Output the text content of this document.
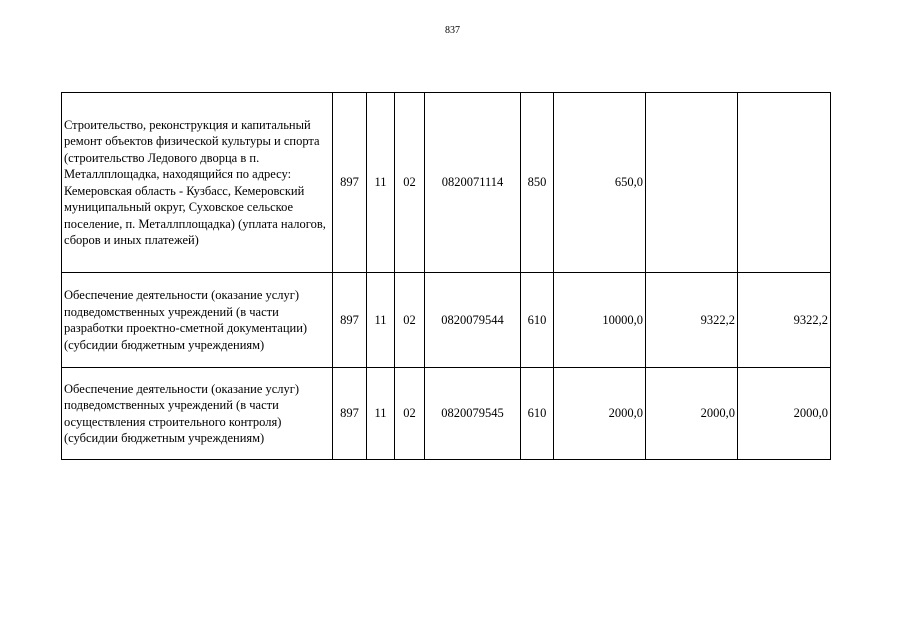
837
Строительство, реконструкция и капитальный ремонт объектов физической культуры и спорта (строительство Ледового дворца в п. Металлплощадка, находящийся по адресу: Кемеровская область - Кузбасс, Кемеровский муниципальный округ, Суховское сельское поселение, п. Металлплощадка) (уплата налогов, сборов и иных платежей)	897	11	02	0820071114	850	650,0		
Обеспечение деятельности (оказание услуг) подведомственных учреждений (в части разработки проектно-сметной документации) (субсидии бюджетным учреждениям)	897	11	02	0820079544	610	10000,0	9322,2	9322,2
Обеспечение деятельности (оказание услуг) подведомственных учреждений (в части осуществления строительного контроля) (субсидии бюджетным учреждениям)	897	11	02	0820079545	610	2000,0	2000,0	2000,0
